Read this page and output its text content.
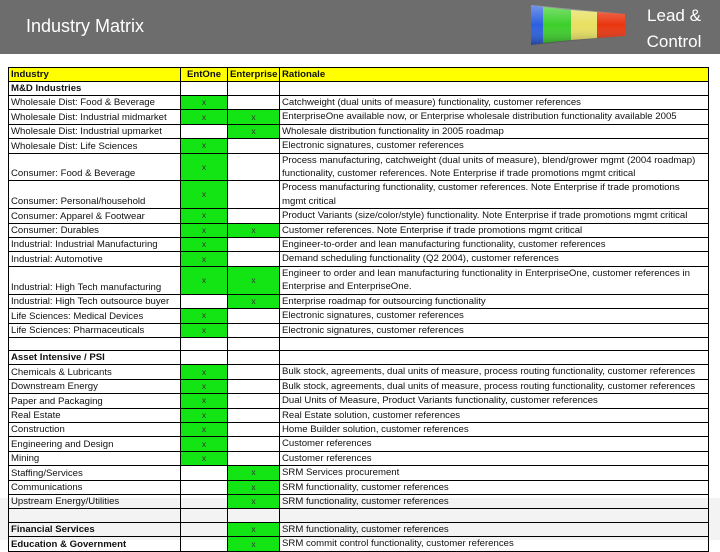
Industry Matrix
Lead &
Control
Industry	EntOne	Enterprise	Rationale
M&D Industries			
Wholesale Dist: Food & Beverage	x		Catchweight (dual units of measure) functionality, customer references
Wholesale Dist: Industrial midmarket	x	x	EnterpriseOne available now, or Enterprise wholesale distribution functionality available 2005
Wholesale Dist: Industrial upmarket		x	Wholesale distribution functionality in 2005 roadmap
Wholesale Dist: Life Sciences	x		Electronic signatures, customer references
Consumer: Food & Beverage	x		Process manufacturing, catchweight (dual units of measure), blend/grower mgmt (2004 roadmap) functionality, customer references. Note Enterprise if trade promotions mgmt critical
Consumer: Personal/household	x		Process manufacturing functionality, customer references. Note Enterprise if trade promotions mgmt critical
Consumer: Apparel & Footwear	x		Product Variants (size/color/style) functionality. Note Enterprise if trade promotions mgmt critical
Consumer: Durables	x	x	Customer references. Note Enterprise if trade promotions mgmt critical
Industrial: Industrial Manufacturing	x		Engineer-to-order and lean manufacturing functionality, customer references
Industrial: Automotive	x		Demand scheduling functionality (Q2 2004), customer references
Industrial: High Tech manufacturing	x	x	Engineer to order and lean manufacturing functionality in EnterpriseOne, customer references in Enterprise and EnterpriseOne.
Industrial: High Tech outsource buyer		x	Enterprise roadmap for outsourcing functionality
Life Sciences: Medical Devices	x		Electronic signatures, customer references
Life Sciences: Pharmaceuticals	x		Electronic signatures, customer references

Asset Intensive / PSI			
Chemicals & Lubricants	x		Bulk stock, agreements, dual units of measure, process routing functionality, customer references
Downstream Energy	x		Bulk stock, agreements, dual units of measure, process routing functionality, customer references
Paper and Packaging	x		Dual Units of Measure, Product Variants functionality, customer references
Real Estate	x		Real Estate solution, customer references
Construction	x		Home Builder solution, customer references
Engineering and Design	x		Customer references
Mining	x		Customer references
Staffing/Services		x	SRM Services procurement
Communications		x	SRM functionality, customer references
Upstream Energy/Utilities		x	SRM functionality, customer references

Financial Services		x	SRM functionality, customer references
Education & Government		x	SRM commit control functionality, customer references
